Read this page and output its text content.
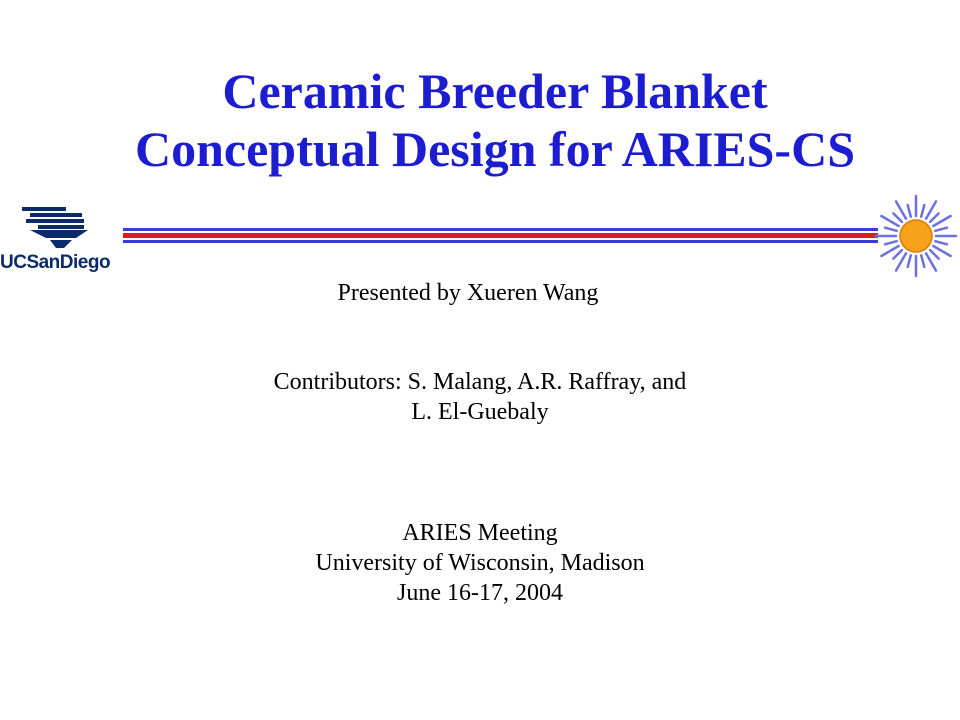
Ceramic Breeder Blanket
Conceptual Design for ARIES-CS
UCSanDiego
Presented by Xueren Wang
Contributors: S. Malang, A.R. Raffray, and
L. El-Guebaly
ARIES Meeting
University of Wisconsin, Madison
June 16-17, 2004
